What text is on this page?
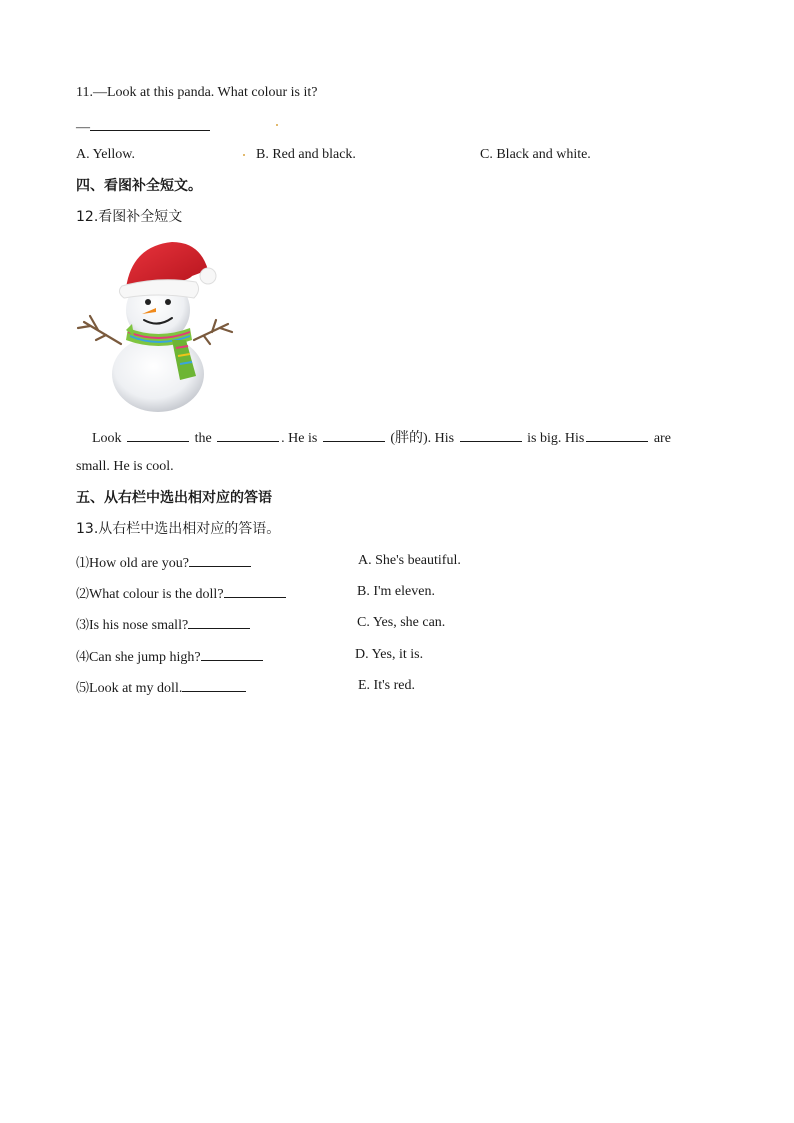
11.—Look at this panda. What colour is it?
—
A. Yellow.	B. Red and black.	C. Black and white.
四、看图补全短文。
12.看图补全短文
Look	the	. He is	(胖的). His	is big. His	are
small. He is cool.
五、从右栏中选出相对应的答语
13.从右栏中选出相对应的答语。
⑴How old are you?	A. She's beautiful.
⑵What colour is the doll?	B. I'm eleven.
⑶Is his nose small?	C. Yes, she can.
⑷Can she jump high?	D. Yes, it is.
⑸Look at my doll.	E. It's red.
